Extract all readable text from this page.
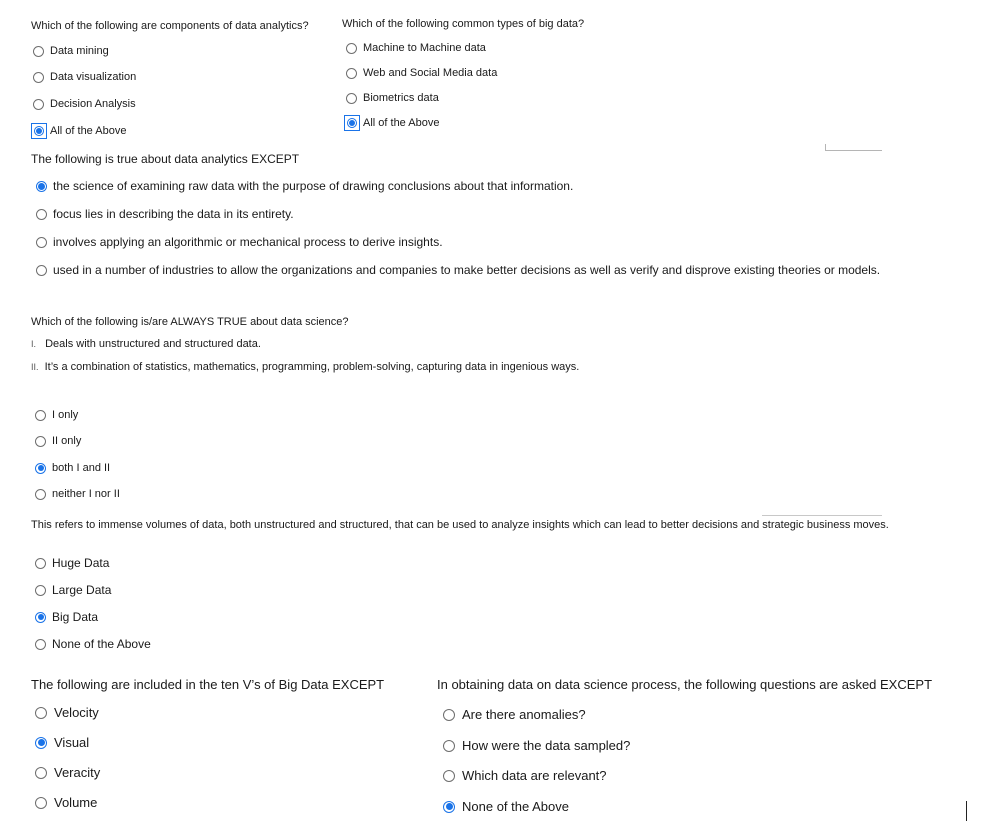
Which of the following are components of data analytics?
Data mining
Data visualization
Decision Analysis
All of the Above
Which of the following common types of big data?
Machine to Machine data
Web and Social Media data
Biometrics data
All of the Above
The following is true about data analytics EXCEPT
the science of examining raw data with the purpose of drawing conclusions about that information.
focus lies in describing the data in its entirety.
involves applying an algorithmic or mechanical process to derive insights.
used in a number of industries to allow the organizations and companies to make better decisions as well as verify and disprove existing theories or models.
Which of the following is/are ALWAYS TRUE about data science?
I. Deals with unstructured and structured data.
II. It’s a combination of statistics, mathematics, programming, problem-solving, capturing data in ingenious ways.
I only
II only
both I and II
neither I nor II
This refers to immense volumes of data, both unstructured and structured, that can be used to analyze insights which can lead to better decisions and strategic business moves.
Huge Data
Large Data
Big Data
None of the Above
The following are included in the ten V’s of Big Data EXCEPT
Velocity
Visual
Veracity
Volume
In obtaining data on data science process, the following questions are asked EXCEPT
Are there anomalies?
How were the data sampled?
Which data are relevant?
None of the Above
